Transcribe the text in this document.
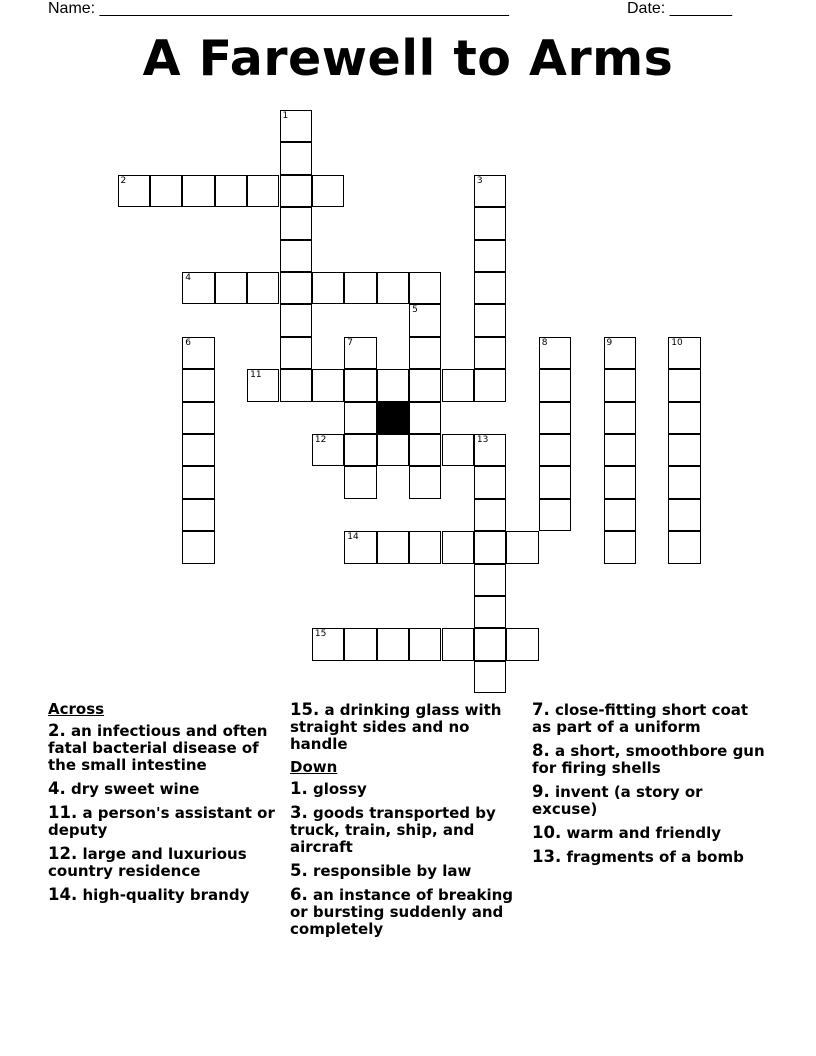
Name: ______________________________________________	Date: _______
A Farewell to Arms
1
2	3
4
5
6	7	8	9	10
11
12	13
14
15
Across
2. an infectious and often fatal bacterial disease of the small intestine
4. dry sweet wine
11. a person's assistant or deputy
12. large and luxurious country residence
14. high-quality brandy
15. a drinking glass with straight sides and no handle
Down
1. glossy
3. goods transported by truck, train, ship, and aircraft
5. responsible by law
6. an instance of breaking or bursting suddenly and completely
7. close-fitting short coat as part of a uniform
8. a short, smoothbore gun for firing shells
9. invent (a story or excuse)
10. warm and friendly
13. fragments of a bomb
